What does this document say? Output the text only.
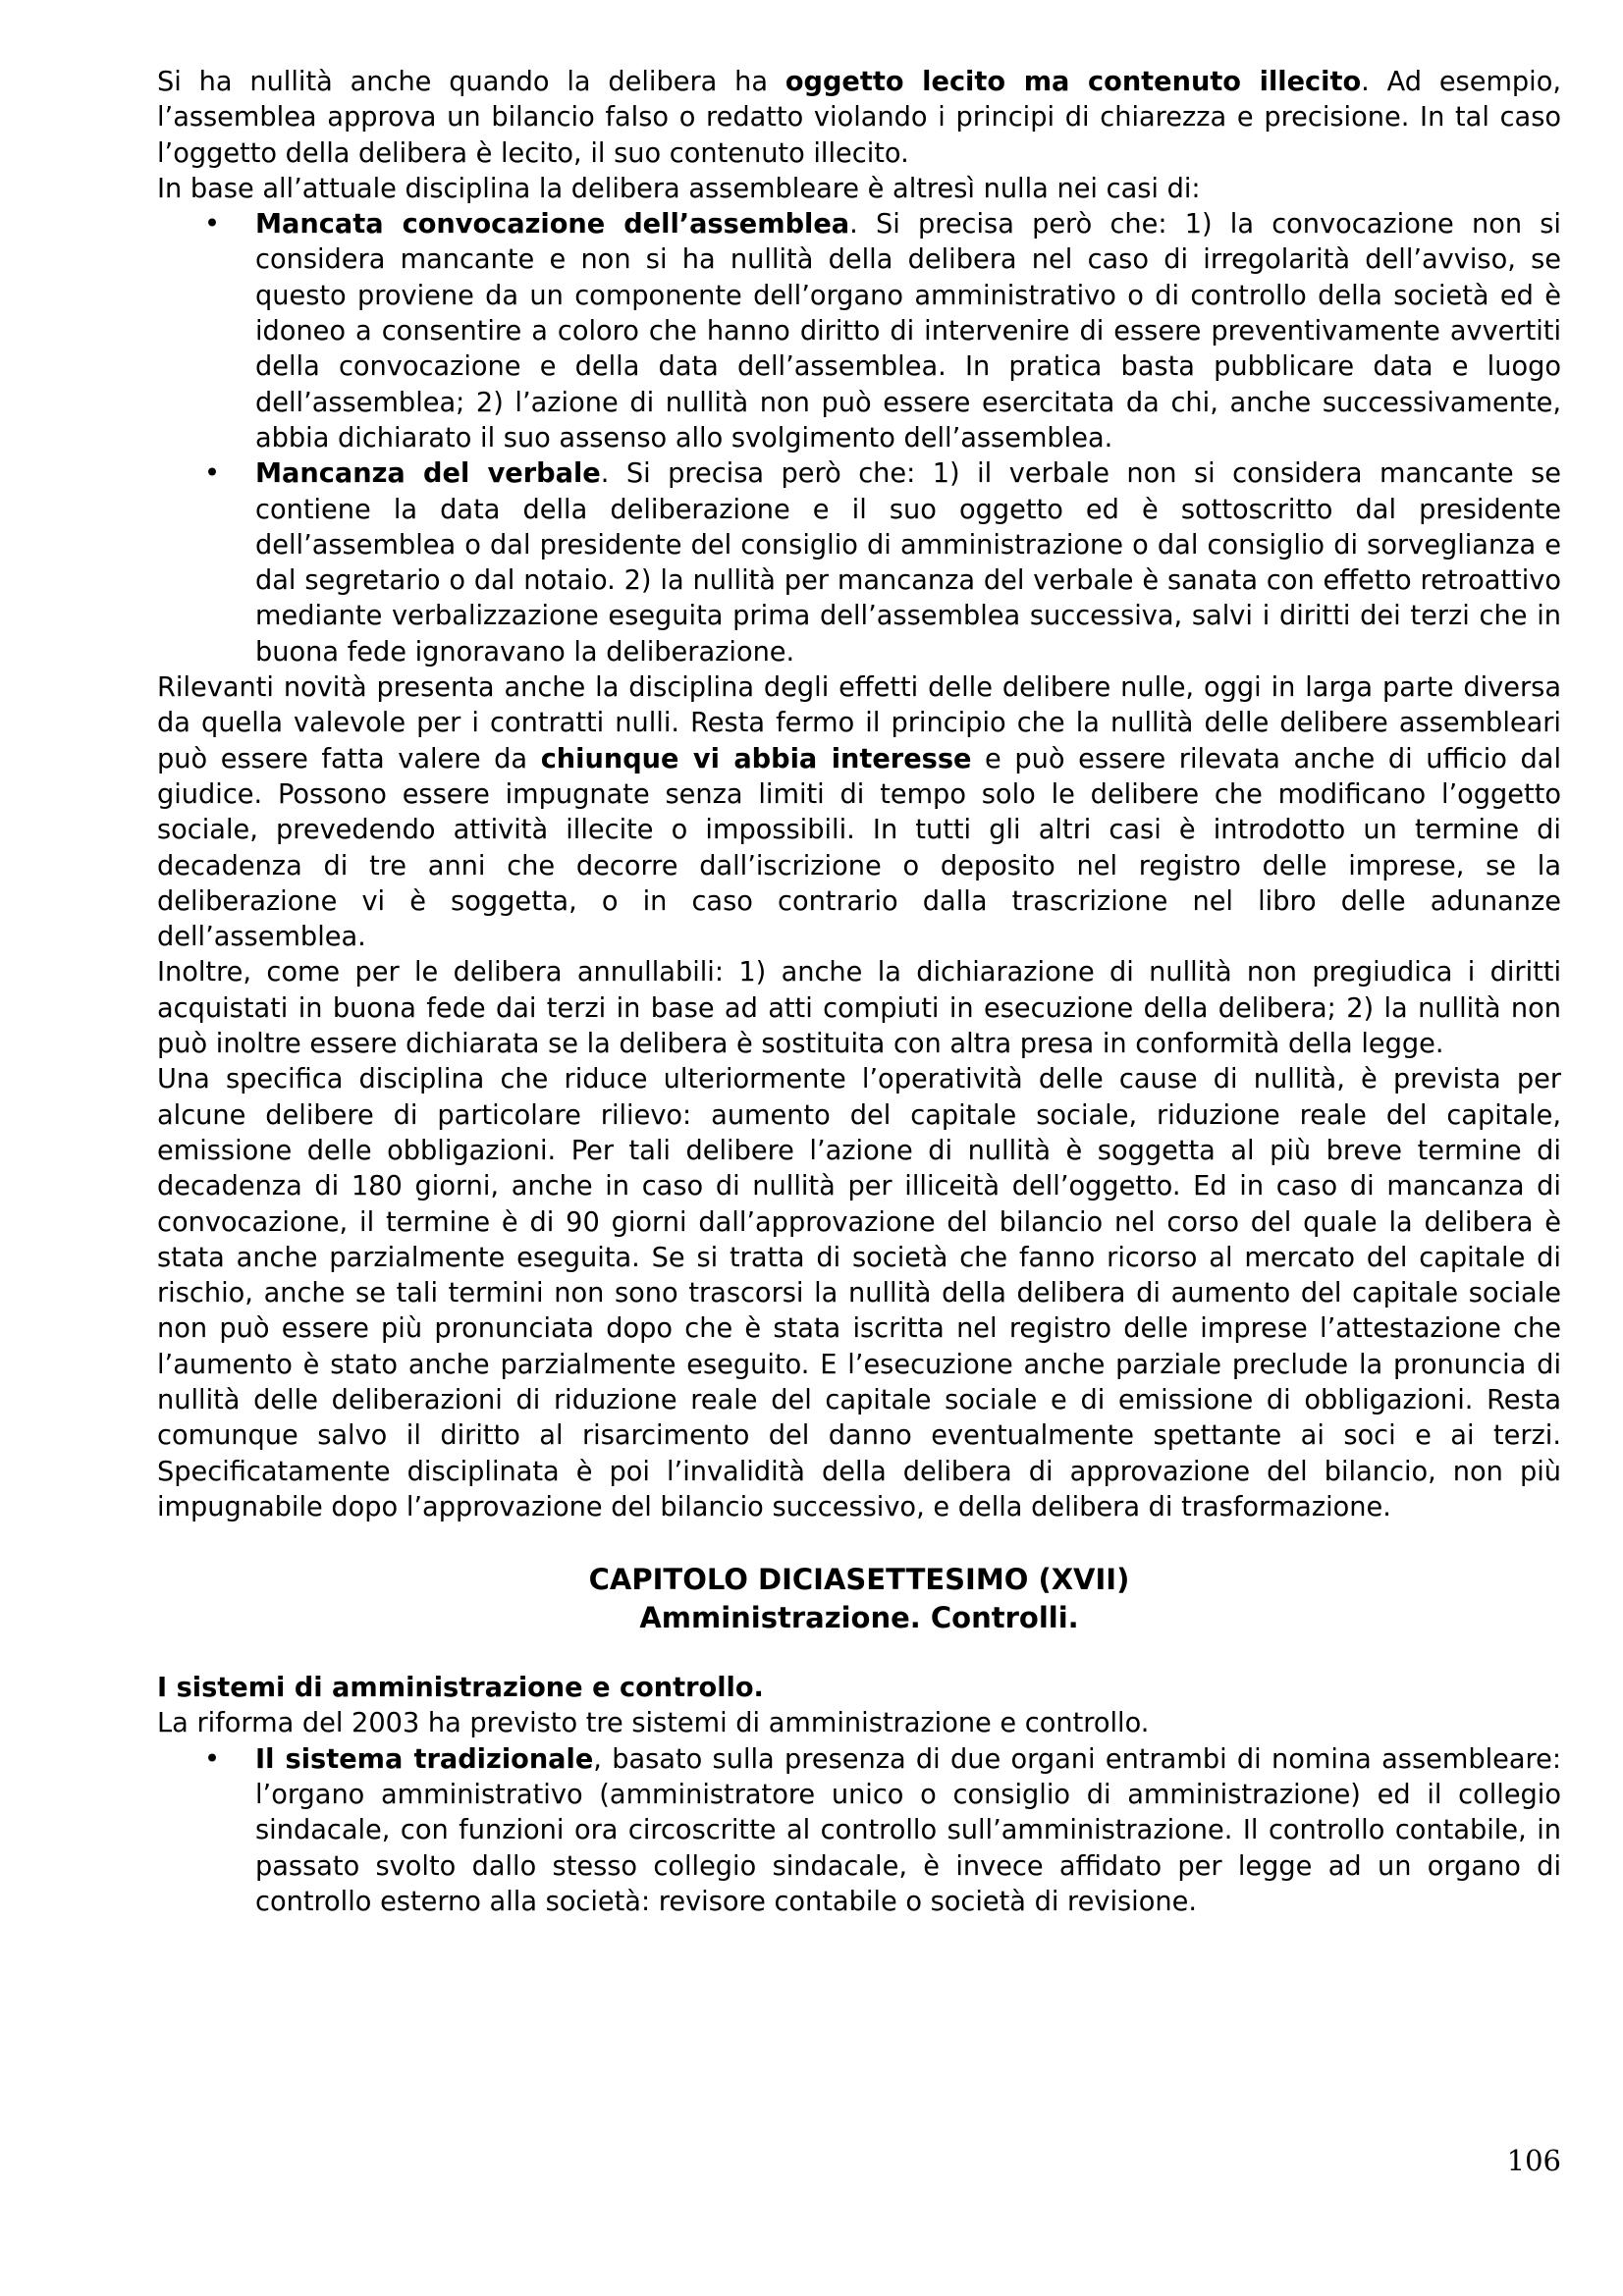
Si ha nullità anche quando la delibera ha oggetto lecito ma contenuto illecito. Ad esempio, l’assemblea approva un bilancio falso o redatto violando i principi di chiarezza e precisione. In tal caso l’oggetto della delibera è lecito, il suo contenuto illecito.

In base all’attuale disciplina la delibera assembleare è altresì nulla nei casi di:

• Mancata convocazione dell’assemblea. Si precisa però che: 1) la convocazione non si considera mancante e non si ha nullità della delibera nel caso di irregolarità dell’avviso, se questo proviene da un componente dell’organo amministrativo o di controllo della società ed è idoneo a consentire a coloro che hanno diritto di intervenire di essere preventivamente avvertiti della convocazione e della data dell’assemblea. In pratica basta pubblicare data e luogo dell’assemblea; 2) l’azione di nullità non può essere esercitata da chi, anche successivamente, abbia dichiarato il suo assenso allo svolgimento dell’assemblea.
• Mancanza del verbale. Si precisa però che: 1) il verbale non si considera mancante se contiene la data della deliberazione e il suo oggetto ed è sottoscritto dal presidente dell’assemblea o dal presidente del consiglio di amministrazione o dal consiglio di sorveglianza e dal segretario o dal notaio. 2) la nullità per mancanza del verbale è sanata con effetto retroattivo mediante verbalizzazione eseguita prima dell’assemblea successiva, salvi i diritti dei terzi che in buona fede ignoravano la deliberazione.

Rilevanti novità presenta anche la disciplina degli effetti delle delibere nulle, oggi in larga parte diversa da quella valevole per i contratti nulli. Resta fermo il principio che la nullità delle delibere assembleari può essere fatta valere da chiunque vi abbia interesse e può essere rilevata anche di ufficio dal giudice. Possono essere impugnate senza limiti di tempo solo le delibere che modificano l’oggetto sociale, prevedendo attività illecite o impossibili. In tutti gli altri casi è introdotto un termine di decadenza di tre anni che decorre dall’iscrizione o deposito nel registro delle imprese, se la deliberazione vi è soggetta, o in caso contrario dalla trascrizione nel libro delle adunanze dell’assemblea.

Inoltre, come per le delibera annullabili: 1) anche la dichiarazione di nullità non pregiudica i diritti acquistati in buona fede dai terzi in base ad atti compiuti in esecuzione della delibera; 2) la nullità non può inoltre essere dichiarata se la delibera è sostituita con altra presa in conformità della legge.

Una specifica disciplina che riduce ulteriormente l’operatività delle cause di nullità, è prevista per alcune delibere di particolare rilievo: aumento del capitale sociale, riduzione reale del capitale, emissione delle obbligazioni. Per tali delibere l’azione di nullità è soggetta al più breve termine di decadenza di 180 giorni, anche in caso di nullità per illiceità dell’oggetto. Ed in caso di mancanza di convocazione, il termine è di 90 giorni dall’approvazione del bilancio nel corso del quale la delibera è stata anche parzialmente eseguita. Se si tratta di società che fanno ricorso al mercato del capitale di rischio, anche se tali termini non sono trascorsi la nullità della delibera di aumento del capitale sociale non può essere più pronunciata dopo che è stata iscritta nel registro delle imprese l’attestazione che l’aumento è stato anche parzialmente eseguito. E l’esecuzione anche parziale preclude la pronuncia di nullità delle deliberazioni di riduzione reale del capitale sociale e di emissione di obbligazioni. Resta comunque salvo il diritto al risarcimento del danno eventualmente spettante ai soci e ai terzi. Specificatamente disciplinata è poi l’invalidità della delibera di approvazione del bilancio, non più impugnabile dopo l’approvazione del bilancio successivo, e della delibera di trasformazione.

CAPITOLO DICIASETTESIMO (XVII)
Amministrazione. Controlli.

I sistemi di amministrazione e controllo.

La riforma del 2003 ha previsto tre sistemi di amministrazione e controllo.

• Il sistema tradizionale, basato sulla presenza di due organi entrambi di nomina assembleare: l’organo amministrativo (amministratore unico o consiglio di amministrazione) ed il collegio sindacale, con funzioni ora circoscritte al controllo sull’amministrazione. Il controllo contabile, in passato svolto dallo stesso collegio sindacale, è invece affidato per legge ad un organo di controllo esterno alla società: revisore contabile o società di revisione.
106
